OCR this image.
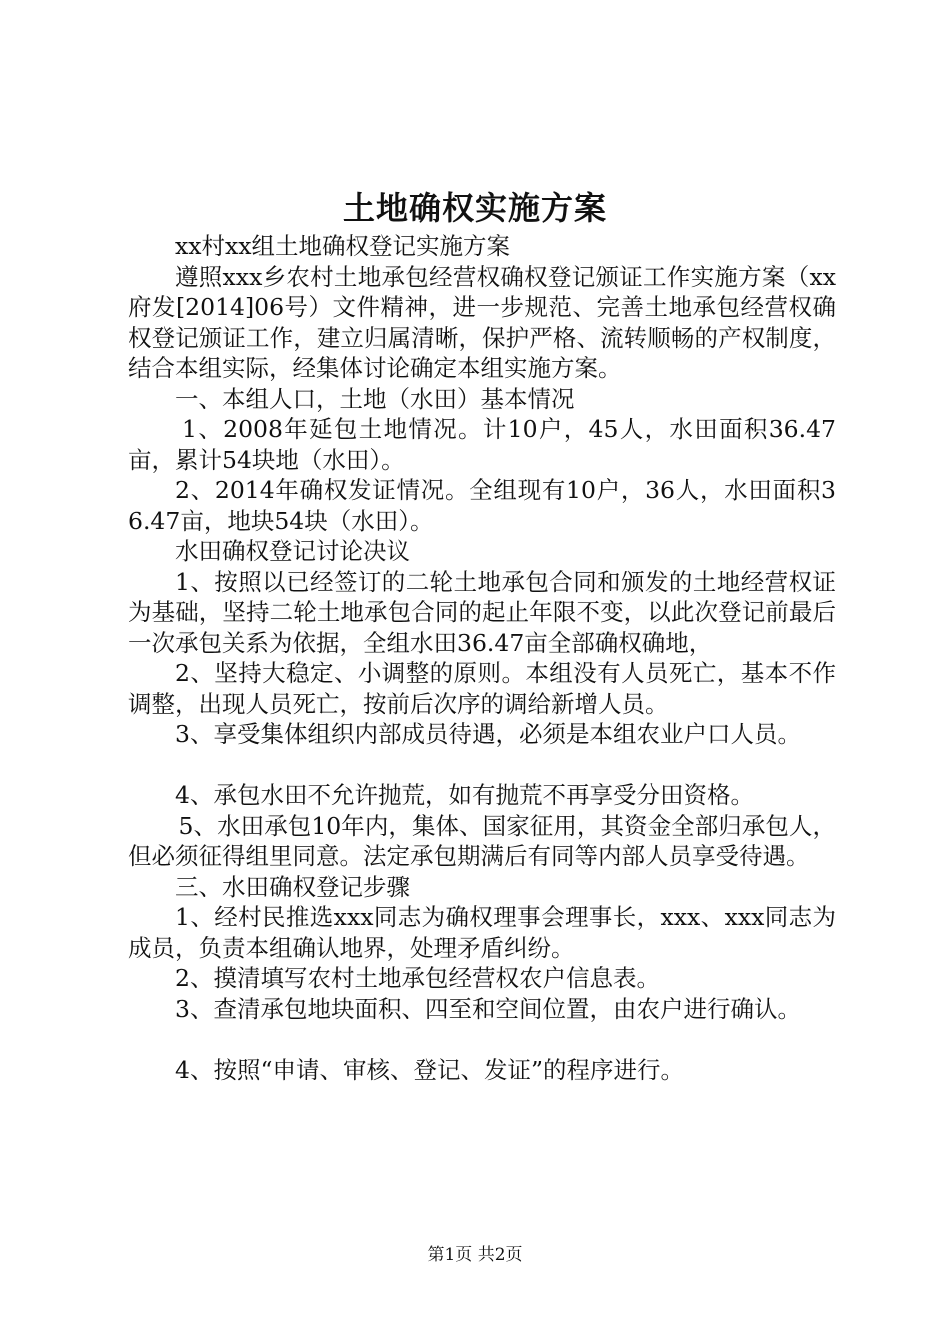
土地确权实施方案

xx村xx组土地确权登记实施方案

遵照xxx乡农村土地承包经营权确权登记颁证工作实施方案（xx府发[2014]06号）文件精神，进一步规范、完善土地承包经营权确权登记颁证工作，建立归属清晰，保护严格、流转顺畅的产权制度，结合本组实际，经集体讨论确定本组实施方案。

一、本组人口，土地（水田）基本情况

1、2008年延包土地情况。计10户，45人，水田面积36.47亩，累计54块地（水田）。

2、2014年确权发证情况。全组现有10户，36人，水田面积36.47亩，地块54块（水田）。

水田确权登记讨论决议

1、按照以已经签订的二轮土地承包合同和颁发的土地经营权证为基础，坚持二轮土地承包合同的起止年限不变，以此次登记前最后一次承包关系为依据，全组水田36.47亩全部确权确地，

2、坚持大稳定、小调整的原则。本组没有人员死亡，基本不作调整，出现人员死亡，按前后次序的调给新增人员。

3、享受集体组织内部成员待遇，必须是本组农业户口人员。

4、承包水田不允许抛荒，如有抛荒不再享受分田资格。

5、水田承包10年内，集体、国家征用，其资金全部归承包人，但必须征得组里同意。法定承包期满后有同等内部人员享受待遇。

三、水田确权登记步骤

1、经村民推选xxx同志为确权理事会理事长，xxx、xxx同志为成员，负责本组确认地界，处理矛盾纠纷。

2、摸清填写农村土地承包经营权农户信息表。

3、查清承包地块面积、四至和空间位置，由农户进行确认。

4、按照“申请、审核、登记、发证”的程序进行。

第1页 共2页
